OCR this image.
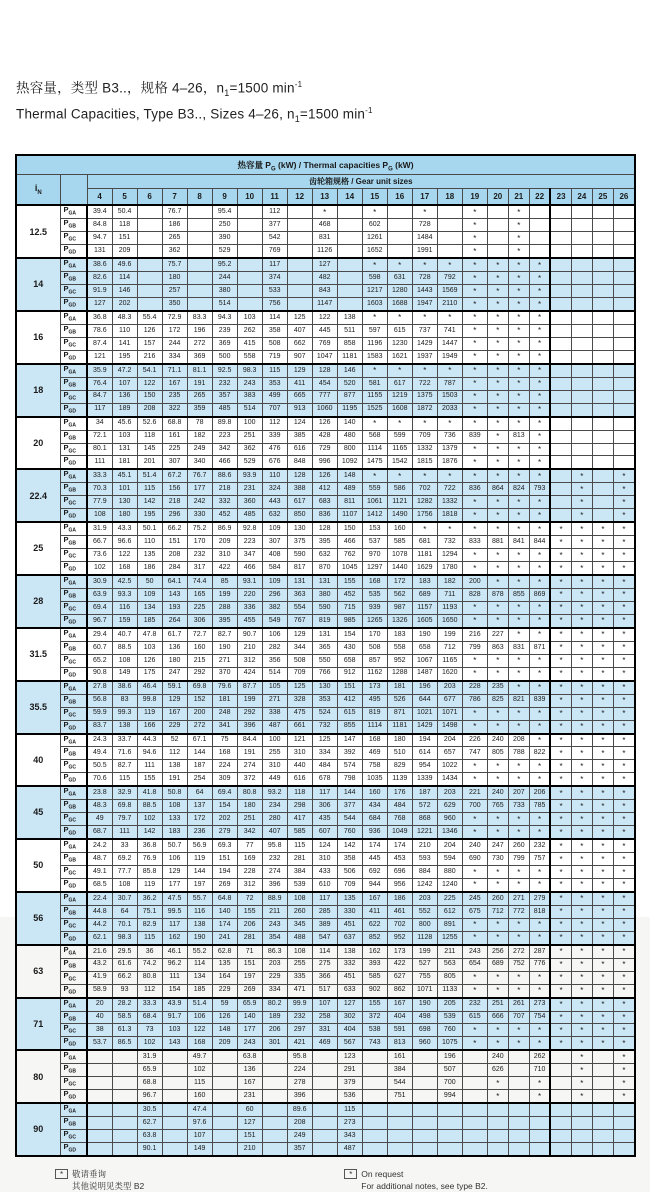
热容量，类型 B3..，规格 4–26，$n_1=1500$ $\min^{-1}$
Thermal Capacities, Type B3.., Sizes 4–26, $n_1=1500$ $\min^{-1}$
热容量 $P_G$ (kW) / Thermal capacities $P_G$ (kW)																								
$i_N$		齿轮箱规格 / Gear unit sizes																						
		4	5	6	7	8	9	10	11	12	13	14	15	16	17	18	19	20	21	22	23	24	25	26
12.5	$P_{GA}$	39.4	50.4		76.7		95.4		112		*		*		*		*		*					
	$P_{GB}$	84.8	118		186		250		377		468		602		728		*		*					
	$P_{GC}$	94.7	151		265		390		542		831		1261		1484		*		*					
	$P_{GD}$	131	209		362		529		769		1126		1652		1991		*		*					
14	$P_{GA}$	38.6	49.6		75.7		95.2		117		127		*	*	*	*	*	*	*	*				
	$P_{GB}$	82.6	114		180		244		374		482		598	631	728	792	*	*	*	*				
	$P_{GC}$	91.9	146		257		380		533		843		1217	1280	1443	1569	*	*	*	*				
	$P_{GD}$	127	202		350		514		756		1147		1603	1688	1947	2110	*	*	*	*				
16	$P_{GA}$	36.8	48.3	55.4	72.9	83.3	94.3	103	114	125	122	138	*	*	*	*	*	*	*	*				
	$P_{GB}$	78.6	110	126	172	196	239	262	358	407	445	511	597	615	737	741	*	*	*	*				
	$P_{GC}$	87.4	141	157	244	272	369	415	508	662	769	858	1196	1230	1429	1447	*	*	*	*				
	$P_{GD}$	121	195	216	334	369	500	558	719	907	1047	1181	1583	1621	1937	1949	*	*	*	*				
18	$P_{GA}$	35.9	47.2	54.1	71.1	81.1	92.5	98.3	115	129	128	146	*	*	*	*	*	*	*	*				
	$P_{GB}$	76.4	107	122	167	191	232	243	353	411	454	520	581	617	722	787	*	*	*	*				
	$P_{GC}$	84.7	136	150	235	265	357	383	499	665	777	877	1155	1219	1375	1503	*	*	*	*				
	$P_{GD}$	117	189	208	322	359	485	514	707	913	1060	1195	1525	1608	1872	2033	*	*	*	*				
20	$P_{GA}$	34	45.6	52.6	68.8	78	89.8	100	112	124	126	140	*	*	*	*	*	*	*	*				
	$P_{GB}$	72.1	103	118	161	182	223	251	339	385	428	480	568	599	709	736	839	*	813	*				
	$P_{GC}$	80.1	131	145	225	249	342	362	476	616	729	800	1114	1165	1332	1379	*	*	*	*				
	$P_{GD}$	111	181	201	307	340	466	529	676	848	996	1092	1475	1542	1815	1876	*	*	*	*				
22.4	$P_{GA}$	33.3	45.1	51.4	67.2	76.7	88.6	93.9	110	128	126	148	*	*	*	*	*	*	*	*		*		*
	$P_{GB}$	70.3	101	115	156	177	218	231	324	388	412	489	559	586	702	722	836	864	824	793		*		*
	$P_{GC}$	77.9	130	142	218	242	332	360	443	617	683	811	1061	1121	1282	1332	*	*	*	*		*		*
	$P_{GD}$	108	180	195	296	330	452	485	632	850	836	1107	1412	1490	1756	1818	*	*	*	*		*		*
25	$P_{GA}$	31.9	43.3	50.1	66.2	75.2	86.9	92.8	109	130	128	150	153	160	*	*	*	*	*	*	*	*	*	*
	$P_{GB}$	66.7	96.6	110	151	170	209	223	307	375	395	466	537	585	681	732	833	881	841	844	*	*	*	*
	$P_{GC}$	73.6	122	135	208	232	310	347	408	590	632	762	970	1078	1181	1294	*	*	*	*	*	*	*	*
	$P_{GD}$	102	168	186	284	317	422	466	584	817	870	1045	1297	1440	1629	1780	*	*	*	*	*	*	*	*
28	$P_{GA}$	30.9	42.5	50	64.1	74.4	85	93.1	109	131	131	155	168	172	183	182	200	*	*	*	*	*	*	*
	$P_{GB}$	63.9	93.3	109	143	165	199	220	296	363	380	452	535	562	689	711	828	878	855	869	*	*	*	*
	$P_{GC}$	69.4	116	134	193	225	288	336	382	554	590	715	939	987	1157	1193	*	*	*	*	*	*	*	*
	$P_{GD}$	96.7	159	185	264	306	395	455	549	767	819	985	1265	1326	1605	1650	*	*	*	*	*	*	*	*
31.5	$P_{GA}$	29.4	40.7	47.8	61.7	72.7	82.7	90.7	106	129	131	154	170	183	190	199	216	227	*	*	*	*	*	*
	$P_{GB}$	60.7	88.5	103	136	160	190	210	282	344	365	430	508	558	658	712	799	863	831	871	*	*	*	*
	$P_{GC}$	65.2	108	126	180	215	271	312	356	508	550	658	857	952	1067	1165	*	*	*	*	*	*	*	*
	$P_{GD}$	90.8	149	175	247	292	370	424	514	709	766	912	1162	1288	1487	1620	*	*	*	*	*	*	*	*
35.5	$P_{GA}$	27.8	38.6	46.4	59.1	69.8	79.6	87.7	105	125	130	151	173	181	196	203	228	235	*	*	*	*	*	*
	$P_{GB}$	56.8	83	99.8	129	152	181	199	271	328	353	412	495	526	644	677	786	825	821	839	*	*	*	*
	$P_{GC}$	59.9	99.3	119	167	200	248	292	338	475	524	615	819	871	1021	1071	*	*	*	*	*	*	*	*
	$P_{GD}$	83.7	138	166	229	272	341	396	487	661	732	855	1114	1181	1429	1498	*	*	*	*	*	*	*	*
40	$P_{GA}$	24.3	33.7	44.3	52	67.1	75	84.4	100	121	125	147	168	180	194	204	226	240	208	*	*	*	*	*
	$P_{GB}$	49.4	71.6	94.6	112	144	168	191	255	310	334	392	469	510	614	657	747	805	788	822	*	*	*	*
	$P_{GC}$	50.5	82.7	111	138	187	224	274	310	440	484	574	758	829	954	1022	*	*	*	*	*	*	*	*
	$P_{GD}$	70.6	115	155	191	254	309	372	449	616	678	798	1035	1139	1339	1434	*	*	*	*	*	*	*	*
45	$P_{GA}$	23.8	32.9	41.8	50.8	64	69.4	80.8	93.2	118	117	144	160	176	187	203	221	240	207	206	*	*	*	*
	$P_{GB}$	48.3	69.8	88.5	108	137	154	180	234	298	306	377	434	484	572	629	700	765	733	785	*	*	*	*
	$P_{GC}$	49	79.7	102	133	172	202	251	280	417	435	544	684	768	868	960	*	*	*	*	*	*	*	*
	$P_{GD}$	68.7	111	142	183	236	279	342	407	585	607	760	936	1049	1221	1346	*	*	*	*	*	*	*	*
50	$P_{GA}$	24.2	33	36.8	50.7	56.9	69.3	77	95.8	115	124	142	174	174	210	204	240	247	260	232	*	*	*	*
	$P_{GB}$	48.7	69.2	76.9	106	119	151	169	232	281	310	358	445	453	593	594	690	730	799	757	*	*	*	*
	$P_{GC}$	49.1	77.7	85.8	129	144	194	228	274	384	433	506	692	696	884	880	*	*	*	*	*	*	*	*
	$P_{GD}$	68.5	108	119	177	197	269	312	396	539	610	709	944	956	1242	1240	*	*	*	*	*	*	*	*
56	$P_{GA}$	22.4	30.7	36.2	47.5	55.7	64.8	72	88.9	108	117	135	167	186	203	225	245	260	271	279	*	*	*	*
	$P_{GB}$	44.8	64	75.1	99.5	116	140	155	211	260	285	330	411	461	552	612	675	712	772	818	*	*	*	*
	$P_{GC}$	44.2	70.1	82.9	117	138	174	206	243	345	389	451	622	702	800	891	*	*	*	*	*	*	*	*
	$P_{GD}$	62.1	98.3	115	162	190	241	281	354	488	547	637	852	952	1128	1255	*	*	*	*	*	*	*	*
63	$P_{GA}$	21.6	29.5	36	46.1	55.2	62.8	71	86.3	108	114	138	162	173	199	211	243	256	272	287	*	*	*	*
	$P_{GB}$	43.2	61.6	74.2	96.2	114	135	151	203	255	275	332	393	422	527	563	654	689	752	776	*	*	*	*
	$P_{GC}$	41.9	66.2	80.8	111	134	164	197	229	335	366	451	585	627	755	805	*	*	*	*	*	*	*	*
	$P_{GD}$	58.9	93	112	154	185	229	269	334	471	517	633	902	862	1071	1133	*	*	*	*	*	*	*	*
71	$P_{GA}$	20	28.2	33.3	43.9	51.4	59	65.9	80.2	99.9	107	127	155	167	190	205	232	251	261	273	*	*	*	*
	$P_{GB}$	40	58.5	68.4	91.7	106	126	140	189	232	258	302	372	404	498	539	615	666	707	754	*	*	*	*
	$P_{GC}$	38	61.3	73	103	122	148	177	206	297	331	404	538	591	698	760	*	*	*	*	*	*	*	*
	$P_{GD}$	53.7	86.5	102	143	168	209	243	301	421	469	567	743	813	960	1075	*	*	*	*	*	*	*	*
80	$P_{GA}$			31.9		49.7		63.8		95.8		123		161		196		240		262		*		*
	$P_{GB}$			65.9		102		136		224		291		384		507		626		710		*		*
	$P_{GC}$			68.8		115		167		278		379		544		700		*		*		*		*
	$P_{GD}$			96.7		160		231		396		536		751		994		*		*		*		*
90	$P_{GA}$			30.5		47.4		60		89.6		115												
	$P_{GB}$			62.7		97.6		127		208		273												
	$P_{GC}$			63.8		107		151		249		343												
	$P_{GD}$			90.1		149		210		357		487												
*	敬请垂询
其他说明见类型 B2
*	On request
For additional notes, see type B2.
